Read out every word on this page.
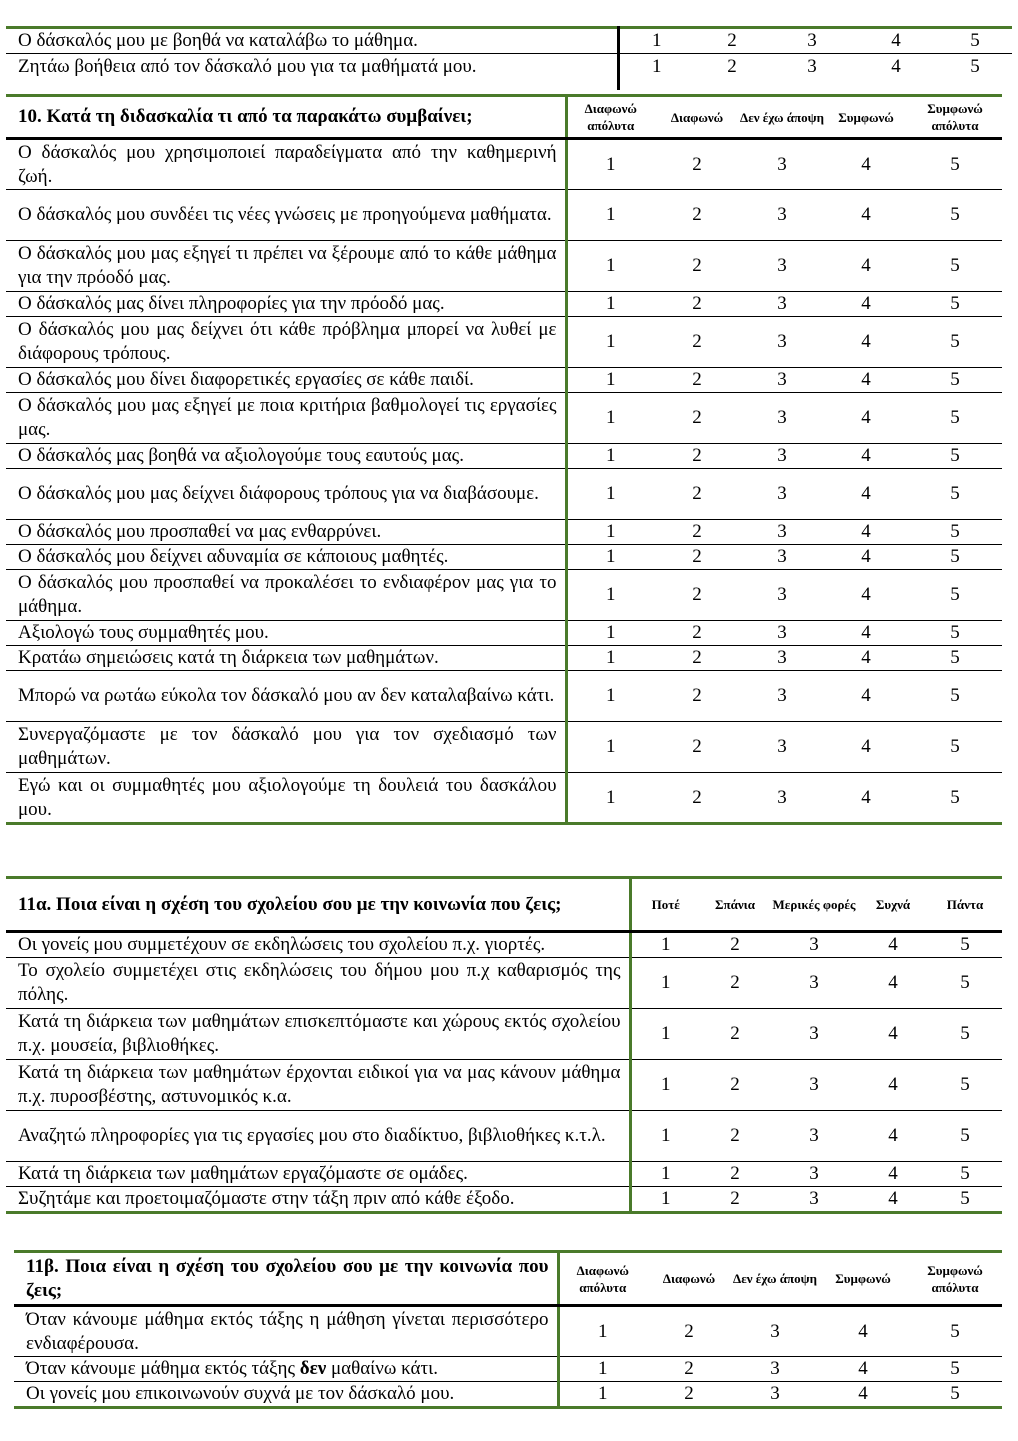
Ο δάσκαλός μου με βοηθά να καταλάβω το μάθημα.	1	2	3	4	5
Ζητάω βοήθεια από τον δάσκαλό μου για τα μαθήματά μου.	1	2	3	4	5
10. Κατά τη διδασκαλία τι από τα παρακάτω συμβαίνει;	Διαφωνώ απόλυτα	Διαφωνώ	Δεν έχω άποψη	Συμφωνώ	Συμφωνώ απόλυτα
Ο δάσκαλός μου χρησιμοποιεί παραδείγματα από την καθημερινή ζωή.	1	2	3	4	5
Ο δάσκαλός μου συνδέει τις νέες γνώσεις με προηγούμενα μαθήματα.	1	2	3	4	5
Ο δάσκαλός μου μας εξηγεί τι πρέπει να ξέρουμε από το κάθε μάθημα για την πρόοδό μας.	1	2	3	4	5
Ο δάσκαλός μας δίνει πληροφορίες για την πρόοδό μας.	1	2	3	4	5
Ο δάσκαλός μου μας δείχνει ότι κάθε πρόβλημα μπορεί να λυθεί με διάφορους τρόπους.	1	2	3	4	5
Ο δάσκαλός μου δίνει διαφορετικές εργασίες σε κάθε παιδί.	1	2	3	4	5
Ο δάσκαλός μου μας εξηγεί με ποια κριτήρια βαθμολογεί τις εργασίες μας.	1	2	3	4	5
Ο δάσκαλός μας βοηθά να αξιολογούμε τους εαυτούς μας.	1	2	3	4	5
Ο δάσκαλός μου μας δείχνει διάφορους τρόπους για να διαβάσουμε.	1	2	3	4	5
Ο δάσκαλός μου προσπαθεί να μας ενθαρρύνει.	1	2	3	4	5
Ο δάσκαλός μου δείχνει αδυναμία σε κάποιους μαθητές.	1	2	3	4	5
Ο δάσκαλός μου προσπαθεί να προκαλέσει το ενδιαφέρον μας για το μάθημα.	1	2	3	4	5
Αξιολογώ τους συμμαθητές μου.	1	2	3	4	5
Κρατάω σημειώσεις κατά τη διάρκεια των μαθημάτων.	1	2	3	4	5
Μπορώ να ρωτάω εύκολα τον δάσκαλό μου αν δεν καταλαβαίνω κάτι.	1	2	3	4	5
Συνεργαζόμαστε με τον δάσκαλό μου για τον σχεδιασμό των μαθημάτων.	1	2	3	4	5
Εγώ και οι συμμαθητές μου αξιολογούμε τη δουλειά του δασκάλου μου.	1	2	3	4	5
11α. Ποια είναι η σχέση του σχολείου σου με την κοινωνία που ζεις;	Ποτέ	Σπάνια	Μερικές φορές	Συχνά	Πάντα
Οι γονείς μου συμμετέχουν σε εκδηλώσεις του σχολείου π.χ. γιορτές.	1	2	3	4	5
Το σχολείο συμμετέχει στις εκδηλώσεις του δήμου μου π.χ καθαρισμός της πόλης.	1	2	3	4	5
Κατά τη διάρκεια των μαθημάτων επισκεπτόμαστε και χώρους εκτός σχολείου π.χ. μουσεία, βιβλιοθήκες.	1	2	3	4	5
Κατά τη διάρκεια των μαθημάτων έρχονται ειδικοί για να μας κάνουν μάθημα π.χ. πυροσβέστης, αστυνομικός κ.α.	1	2	3	4	5
Αναζητώ πληροφορίες για τις εργασίες μου στο διαδίκτυο, βιβλιοθήκες κ.τ.λ.	1	2	3	4	5
Κατά τη διάρκεια των μαθημάτων εργαζόμαστε σε ομάδες.	1	2	3	4	5
Συζητάμε και προετοιμαζόμαστε στην τάξη πριν από κάθε έξοδο.	1	2	3	4	5
11β. Ποια είναι η σχέση του σχολείου σου με την κοινωνία που ζεις;	Διαφωνώ απόλυτα	Διαφωνώ	Δεν έχω άποψη	Συμφωνώ	Συμφωνώ απόλυτα
Όταν κάνουμε μάθημα εκτός τάξης η μάθηση γίνεται περισσότερο ενδιαφέρουσα.	1	2	3	4	5
Όταν κάνουμε μάθημα εκτός τάξης δεν μαθαίνω κάτι.	1	2	3	4	5
Οι γονείς μου επικοινωνούν συχνά με τον δάσκαλό μου.	1	2	3	4	5
